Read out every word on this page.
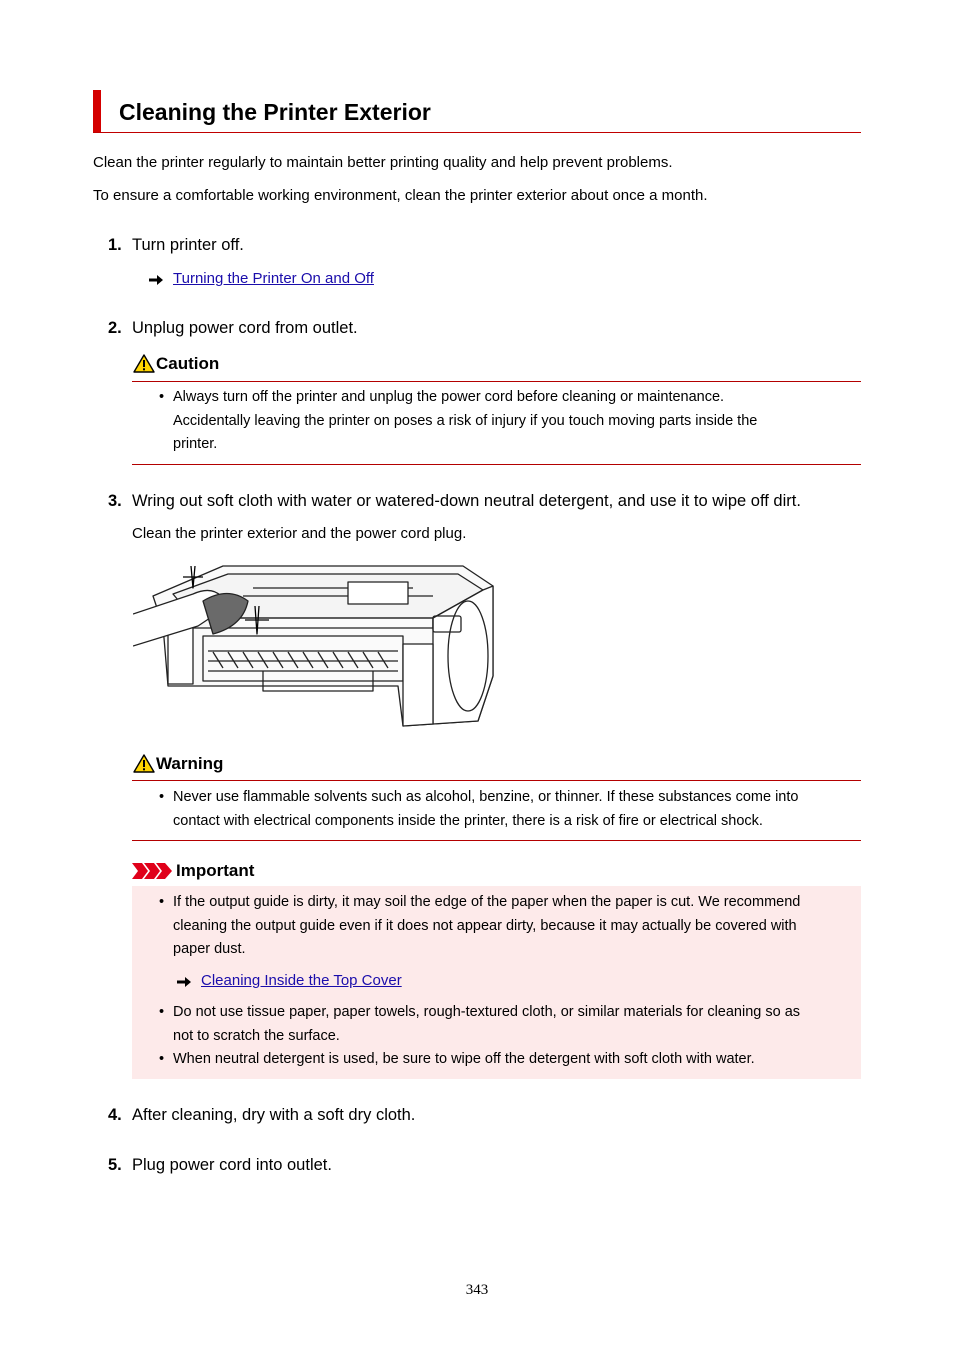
Cleaning the Printer Exterior
Clean the printer regularly to maintain better printing quality and help prevent problems.
To ensure a comfortable working environment, clean the printer exterior about once a month.
1. Turn printer off.
Turning the Printer On and Off
2. Unplug power cord from outlet.
Caution
• Always turn off the printer and unplug the power cord before cleaning or maintenance.
Accidentally leaving the printer on poses a risk of injury if you touch moving parts inside the
printer.
3. Wring out soft cloth with water or watered-down neutral detergent, and use it to wipe off dirt.
Clean the printer exterior and the power cord plug.
Warning
• Never use flammable solvents such as alcohol, benzine, or thinner. If these substances come into
contact with electrical components inside the printer, there is a risk of fire or electrical shock.
Important
• If the output guide is dirty, it may soil the edge of the paper when the paper is cut. We recommend
cleaning the output guide even if it does not appear dirty, because it may actually be covered with
paper dust.
Cleaning Inside the Top Cover
• Do not use tissue paper, paper towels, rough-textured cloth, or similar materials for cleaning so as
not to scratch the surface.
• When neutral detergent is used, be sure to wipe off the detergent with soft cloth with water.
4. After cleaning, dry with a soft dry cloth.
5. Plug power cord into outlet.
343
